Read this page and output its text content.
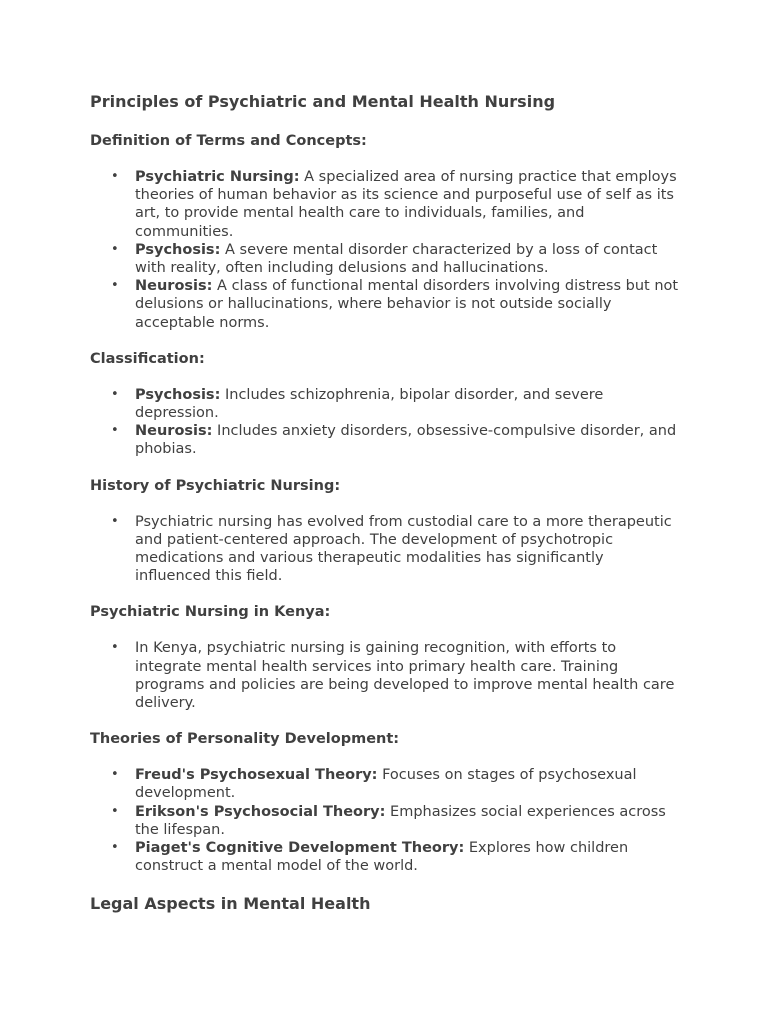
Principles of Psychiatric and Mental Health Nursing
Definition of Terms and Concepts:
• Psychiatric Nursing: A specialized area of nursing practice that employs theories of human behavior as its science and purposeful use of self as its art, to provide mental health care to individuals, families, and communities.
• Psychosis: A severe mental disorder characterized by a loss of contact with reality, often including delusions and hallucinations.
• Neurosis: A class of functional mental disorders involving distress but not delusions or hallucinations, where behavior is not outside socially acceptable norms.
Classification:
• Psychosis: Includes schizophrenia, bipolar disorder, and severe depression.
• Neurosis: Includes anxiety disorders, obsessive-compulsive disorder, and phobias.
History of Psychiatric Nursing:
• Psychiatric nursing has evolved from custodial care to a more therapeutic and patient-centered approach. The development of psychotropic medications and various therapeutic modalities has significantly influenced this field.
Psychiatric Nursing in Kenya:
• In Kenya, psychiatric nursing is gaining recognition, with efforts to integrate mental health services into primary health care. Training programs and policies are being developed to improve mental health care delivery.
Theories of Personality Development:
• Freud's Psychosexual Theory: Focuses on stages of psychosexual development.
• Erikson's Psychosocial Theory: Emphasizes social experiences across the lifespan.
• Piaget's Cognitive Development Theory: Explores how children construct a mental model of the world.
Legal Aspects in Mental Health
